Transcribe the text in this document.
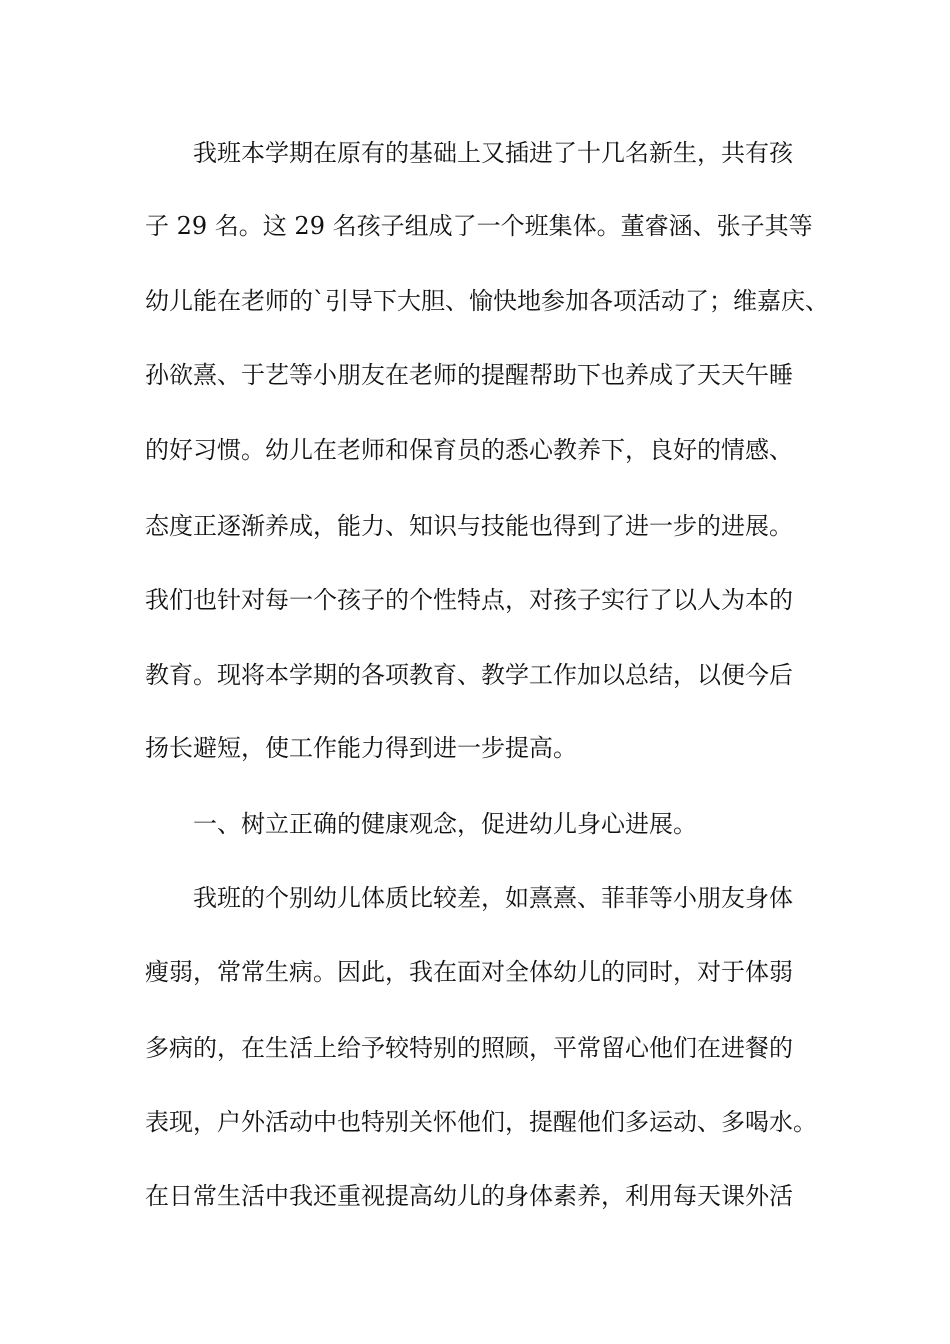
我班本学期在原有的基础上又插进了十几名新生，共有孩
子 29 名。这 29 名孩子组成了一个班集体。董睿涵、张子其等
幼儿能在老师的`引导下大胆、愉快地参加各项活动了；维嘉庆、
孙欲熹、于艺等小朋友在老师的提醒帮助下也养成了天天午睡
的好习惯。幼儿在老师和保育员的悉心教养下，良好的情感、
态度正逐渐养成，能力、知识与技能也得到了进一步的进展。
我们也针对每一个孩子的个性特点，对孩子实行了以人为本的
教育。现将本学期的各项教育、教学工作加以总结，以便今后
扬长避短，使工作能力得到进一步提高。
一、树立正确的健康观念，促进幼儿身心进展。
我班的个别幼儿体质比较差，如熹熹、菲菲等小朋友身体
瘦弱，常常生病。因此，我在面对全体幼儿的同时，对于体弱
多病的，在生活上给予较特别的照顾，平常留心他们在进餐的
表现，户外活动中也特别关怀他们，提醒他们多运动、多喝水。
在日常生活中我还重视提高幼儿的身体素养，利用每天课外活
